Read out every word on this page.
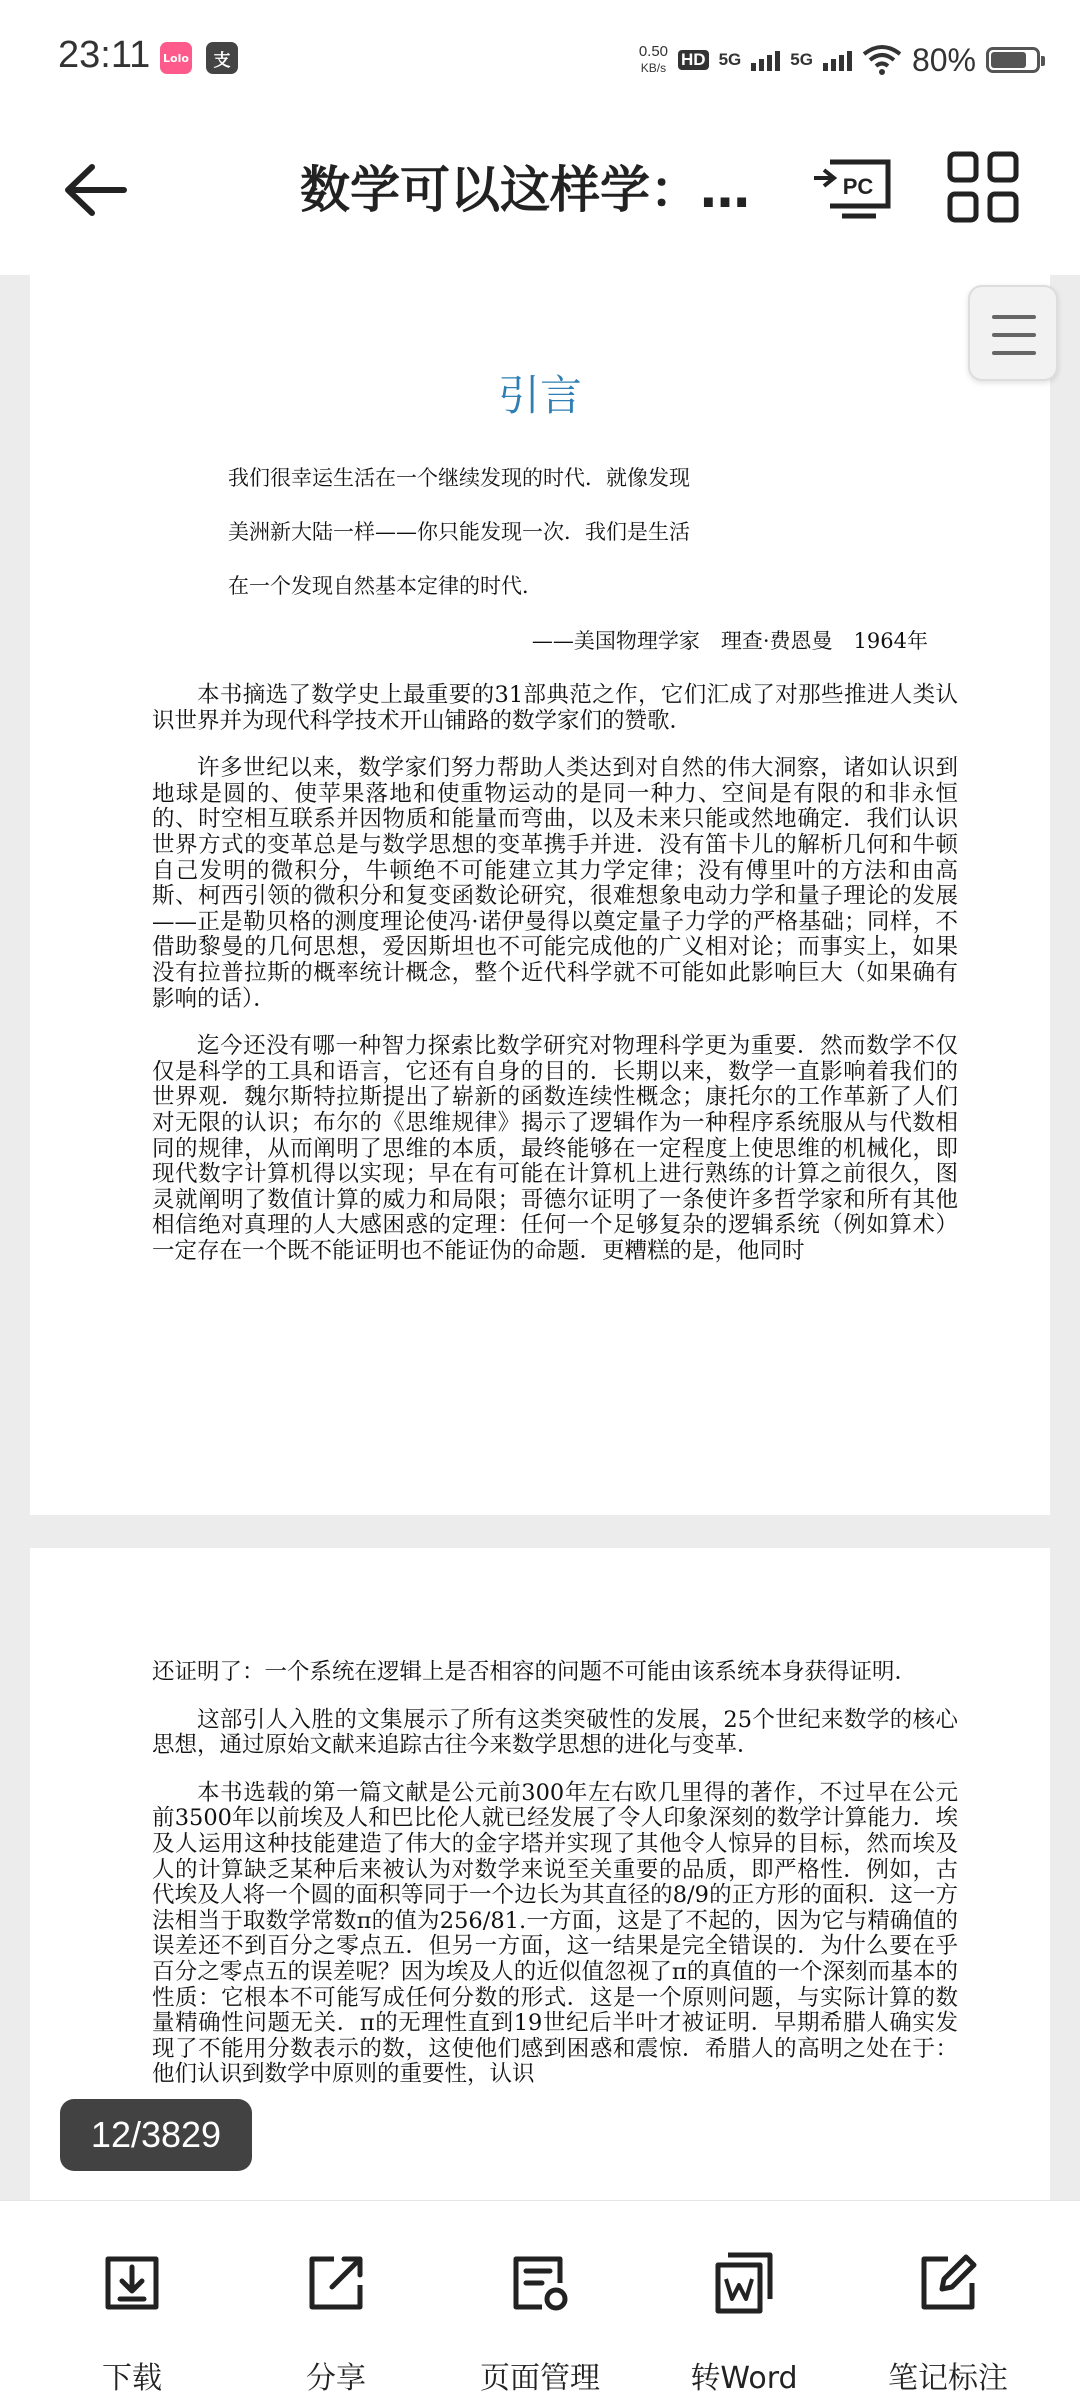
23:11 Lolo 支	0.50
KB/s HD 5G	5G	80%
数学可以这样学：…	PC
引言

我们很幸运生活在一个继续发现的时代．就像发现

美洲新大陆一样——你只能发现一次．我们是生活

在一个发现自然基本定律的时代．

——美国物理学家　理查·费恩曼　1964年

本书摘选了数学史上最重要的31部典范之作，它们汇成了对那些推进人类认识世界并为现代科学技术开山铺路的数学家们的赞歌．

许多世纪以来，数学家们努力帮助人类达到对自然的伟大洞察，诸如认识到地球是圆的、使苹果落地和使重物运动的是同一种力、空间是有限的和非永恒的、时空相互联系并因物质和能量而弯曲，以及未来只能或然地确定．我们认识世界方式的变革总是与数学思想的变革携手并进．没有笛卡儿的解析几何和牛顿自己发明的微积分，牛顿绝不可能建立其力学定律；没有傅里叶的方法和由高斯、柯西引领的微积分和复变函数论研究，很难想象电动力学和量子理论的发展——正是勒贝格的测度理论使冯·诺伊曼得以奠定量子力学的严格基础；同样，不借助黎曼的几何思想，爱因斯坦也不可能完成他的广义相对论；而事实上，如果没有拉普拉斯的概率统计概念，整个近代科学就不可能如此影响巨大（如果确有影响的话）．

迄今还没有哪一种智力探索比数学研究对物理科学更为重要．然而数学不仅仅是科学的工具和语言，它还有自身的目的．长期以来，数学一直影响着我们的世界观．魏尔斯特拉斯提出了崭新的函数连续性概念；康托尔的工作革新了人们对无限的认识；布尔的《思维规律》揭示了逻辑作为一种程序系统服从与代数相同的规律，从而阐明了思维的本质，最终能够在一定程度上使思维的机械化，即现代数字计算机得以实现；早在有可能在计算机上进行熟练的计算之前很久，图灵就阐明了数值计算的威力和局限；哥德尔证明了一条使许多哲学家和所有其他相信绝对真理的人大感困惑的定理：任何一个足够复杂的逻辑系统（例如算术）一定存在一个既不能证明也不能证伪的命题．更糟糕的是，他同时

还证明了：一个系统在逻辑上是否相容的问题不可能由该系统本身获得证明．

这部引人入胜的文集展示了所有这类突破性的发展，25个世纪来数学的核心思想，通过原始文献来追踪古往今来数学思想的进化与变革．

本书选载的第一篇文献是公元前300年左右欧几里得的著作，不过早在公元前3500年以前埃及人和巴比伦人就已经发展了令人印象深刻的数学计算能力．埃及人运用这种技能建造了伟大的金字塔并实现了其他令人惊异的目标，然而埃及人的计算缺乏某种后来被认为对数学来说至关重要的品质，即严格性．例如，古代埃及人将一个圆的面积等同于一个边长为其直径的8/9的正方形的面积．这一方法相当于取数学常数π的值为256/81.一方面，这是了不起的，因为它与精确值的误差还不到百分之零点五．但另一方面，这一结果是完全错误的．为什么要在乎百分之零点五的误差呢？因为埃及人的近似值忽视了π的真值的一个深刻而基本的性质：它根本不可能写成任何分数的形式．这是一个原则问题，与实际计算的数量精确性问题无关．π的无理性直到19世纪后半叶才被证明．早期希腊人确实发现了不能用分数表示的数，这使他们感到困惑和震惊．希腊人的高明之处在于：他们认识到数学中原则的重要性，认识

12/3829
下载	分享	页面管理	转Word	笔记标注
